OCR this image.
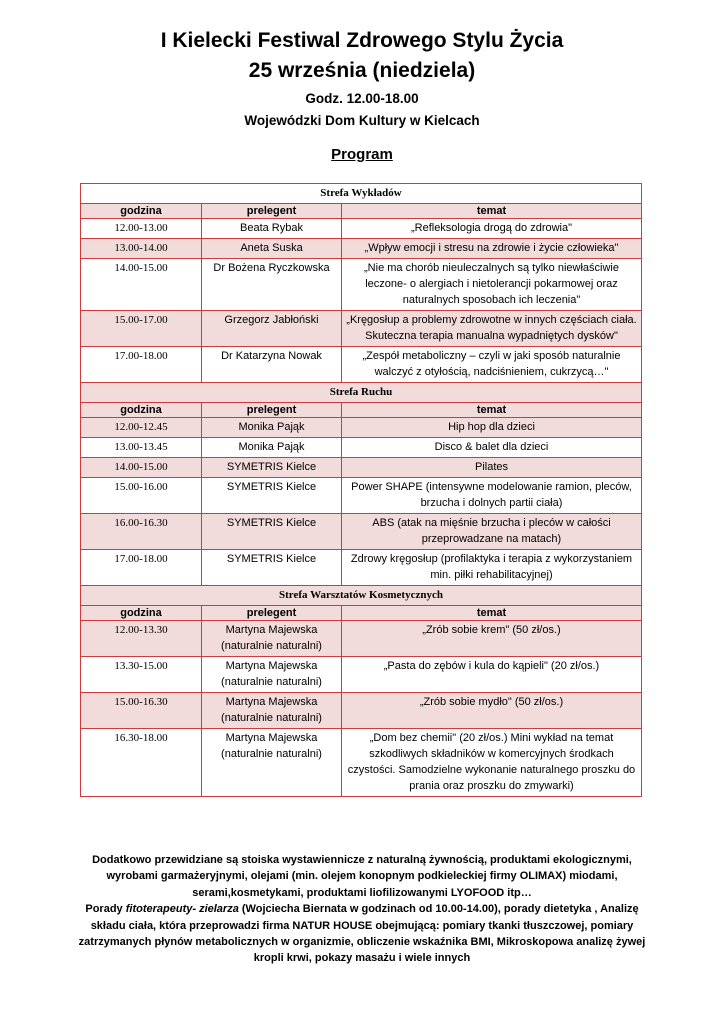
I Kielecki Festiwal Zdrowego Stylu Życia
25 września (niedziela)
Godz. 12.00-18.00
Wojewódzki Dom Kultury w Kielcach
Program
Strefa Wykładów		
godzina	prelegent	temat
12.00-13.00	Beata Rybak	„Refleksologia drogą do zdrowia"
13.00-14.00	Aneta Suska	„Wpływ emocji i stresu na zdrowie i życie człowieka"
14.00-15.00	Dr Bożena Ryczkowska	„Nie ma chorób nieuleczalnych są tylko niewłaściwie leczone- o alergiach i nietolerancji pokarmowej oraz naturalnych sposobach ich leczenia"
15.00-17.00	Grzegorz Jabłoński	„Kręgosłup a problemy zdrowotne w innych częściach ciała. Skuteczna terapia manualna wypadniętych dysków"
17.00-18.00	Dr Katarzyna Nowak	„Zespół metaboliczny – czyli w jaki sposób naturalnie walczyć z otyłością, nadciśnieniem, cukrzycą…"
Strefa Ruchu		
godzina	prelegent	temat
12.00-12.45	Monika Pająk	Hip hop dla dzieci
13.00-13.45	Monika Pająk	Disco & balet dla dzieci
14.00-15.00	SYMETRIS Kielce	Pilates
15.00-16.00	SYMETRIS Kielce	Power SHAPE (intensywne modelowanie ramion, pleców, brzucha i dolnych partii ciała)
16.00-16.30	SYMETRIS Kielce	ABS (atak na mięśnie brzucha i pleców w całości przeprowadzane na matach)
17.00-18.00	SYMETRIS Kielce	Zdrowy kręgosłup (profilaktyka i terapia z wykorzystaniem min. piłki rehabilitacyjnej)
Strefa Warsztatów Kosmetycznych		
godzina	prelegent	temat
12.00-13.30	Martyna Majewska (naturalnie naturalni)	„Zrób sobie krem" (50 zł/os.)
13.30-15.00	Martyna Majewska (naturalnie naturalni)	„Pasta do zębów i kula do kąpieli" (20 zł/os.)
15.00-16.30	Martyna Majewska (naturalnie naturalni)	„Zrób sobie mydło" (50 zł/os.)
16.30-18.00	Martyna Majewska (naturalnie naturalni)	„Dom bez chemii" (20 zł/os.) Mini wykład na temat szkodliwych składników w komercyjnych środkach czystości. Samodzielne wykonanie naturalnego proszku do prania oraz proszku do zmywarki)
Dodatkowo przewidziane są stoiska wystawiennicze z naturalną żywnością, produktami ekologicznymi, wyrobami garmażeryjnymi, olejami (min. olejem konopnym podkieleckiej firmy OLIMAX) miodami, serami,kosmetykami, produktami liofilizowanymi LYOFOOD itp…
Porady fitoterapeuty- zielarza (Wojciecha Biernata w godzinach od 10.00-14.00), porady dietetyka , Analizę składu ciała, która przeprowadzi firma NATUR HOUSE obejmującą: pomiary tkanki tłuszczowej, pomiary zatrzymanych płynów metabolicznych w organizmie, obliczenie wskaźnika BMI, Mikroskopowa analizę żywej kropli krwi, pokazy masażu i wiele innych
